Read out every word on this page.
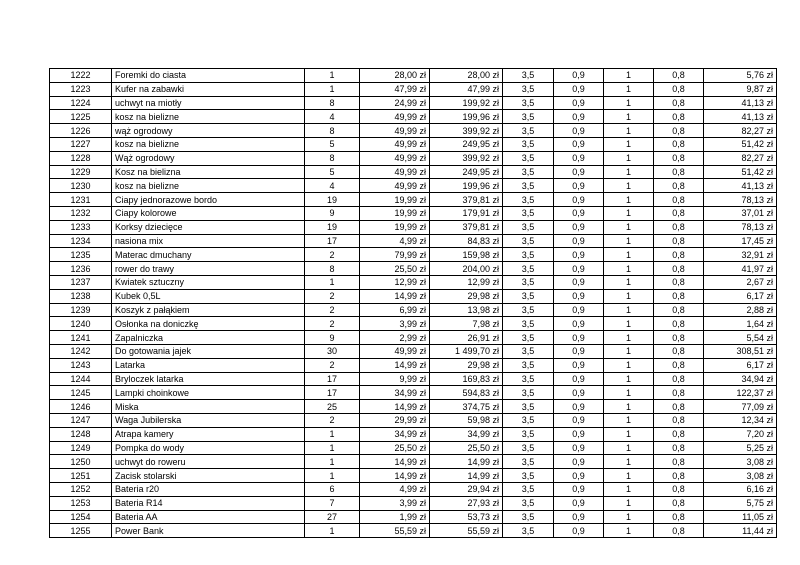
1222	Foremki do ciasta	1	28,00 zł	28,00 zł	3,5	0,9	1	0,8	5,76 zł
1223	Kufer na zabawki	1	47,99 zł	47,99 zł	3,5	0,9	1	0,8	9,87 zł
1224	uchwyt na miotły	8	24,99 zł	199,92 zł	3,5	0,9	1	0,8	41,13 zł
1225	kosz na bielizne	4	49,99 zł	199,96 zł	3,5	0,9	1	0,8	41,13 zł
1226	wąż ogrodowy	8	49,99 zł	399,92 zł	3,5	0,9	1	0,8	82,27 zł
1227	kosz na bielizne	5	49,99 zł	249,95 zł	3,5	0,9	1	0,8	51,42 zł
1228	Wąż ogrodowy	8	49,99 zł	399,92 zł	3,5	0,9	1	0,8	82,27 zł
1229	Kosz na bielizna	5	49,99 zł	249,95 zł	3,5	0,9	1	0,8	51,42 zł
1230	kosz na bielizne	4	49,99 zł	199,96 zł	3,5	0,9	1	0,8	41,13 zł
1231	Ciapy jednorazowe bordo	19	19,99 zł	379,81 zł	3,5	0,9	1	0,8	78,13 zł
1232	Ciapy kolorowe	9	19,99 zł	179,91 zł	3,5	0,9	1	0,8	37,01 zł
1233	Korksy dziecięce	19	19,99 zł	379,81 zł	3,5	0,9	1	0,8	78,13 zł
1234	nasiona mix	17	4,99 zł	84,83 zł	3,5	0,9	1	0,8	17,45 zł
1235	Materac dmuchany	2	79,99 zł	159,98 zł	3,5	0,9	1	0,8	32,91 zł
1236	rower do trawy	8	25,50 zł	204,00 zł	3,5	0,9	1	0,8	41,97 zł
1237	Kwiatek sztuczny	1	12,99 zł	12,99 zł	3,5	0,9	1	0,8	2,67 zł
1238	Kubek 0,5L	2	14,99 zł	29,98 zł	3,5	0,9	1	0,8	6,17 zł
1239	Koszyk z pałąkiem	2	6,99 zł	13,98 zł	3,5	0,9	1	0,8	2,88 zł
1240	Osłonka na doniczkę	2	3,99 zł	7,98 zł	3,5	0,9	1	0,8	1,64 zł
1241	Zapalniczka	9	2,99 zł	26,91 zł	3,5	0,9	1	0,8	5,54 zł
1242	Do gotowania jajek	30	49,99 zł	1 499,70 zł	3,5	0,9	1	0,8	308,51 zł
1243	Latarka	2	14,99 zł	29,98 zł	3,5	0,9	1	0,8	6,17 zł
1244	Bryloczek latarka	17	9,99 zł	169,83 zł	3,5	0,9	1	0,8	34,94 zł
1245	Lampki choinkowe	17	34,99 zł	594,83 zł	3,5	0,9	1	0,8	122,37 zł
1246	Miska	25	14,99 zł	374,75 zł	3,5	0,9	1	0,8	77,09 zł
1247	Waga Jubilerska	2	29,99 zł	59,98 zł	3,5	0,9	1	0,8	12,34 zł
1248	Atrapa kamery	1	34,99 zł	34,99 zł	3,5	0,9	1	0,8	7,20 zł
1249	Pompka do wody	1	25,50 zł	25,50 zł	3,5	0,9	1	0,8	5,25 zł
1250	uchwyt do roweru	1	14,99 zł	14,99 zł	3,5	0,9	1	0,8	3,08 zł
1251	Zacisk stolarski	1	14,99 zł	14,99 zł	3,5	0,9	1	0,8	3,08 zł
1252	Bateria r20	6	4,99 zł	29,94 zł	3,5	0,9	1	0,8	6,16 zł
1253	Bateria R14	7	3,99 zł	27,93 zł	3,5	0,9	1	0,8	5,75 zł
1254	Bateria AA	27	1,99 zł	53,73 zł	3,5	0,9	1	0,8	11,05 zł
1255	Power Bank	1	55,59 zł	55,59 zł	3,5	0,9	1	0,8	11,44 zł
